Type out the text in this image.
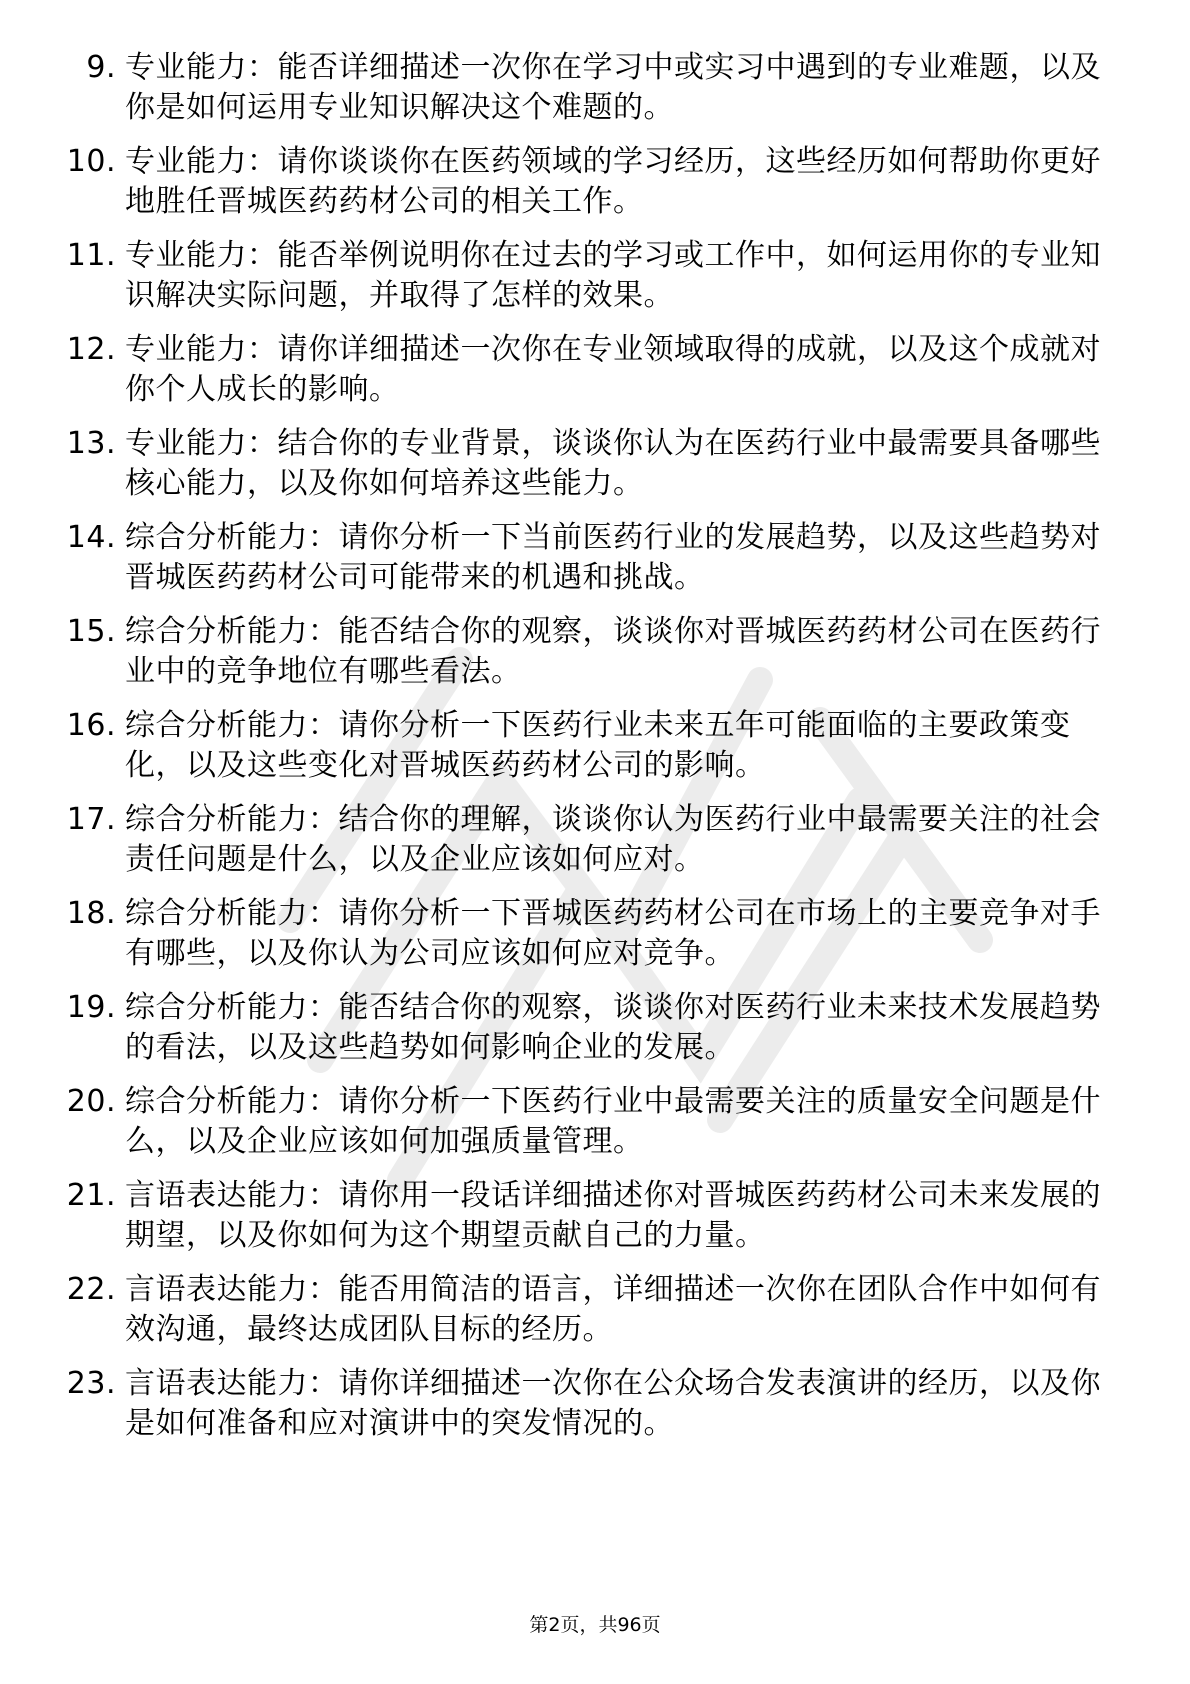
9. 专业能力：能否详细描述一次你在学习中或实习中遇到的专业难题，以及你是如何运用专业知识解决这个难题的。
10. 专业能力：请你谈谈你在医药领域的学习经历，这些经历如何帮助你更好地胜任晋城医药药材公司的相关工作。
11. 专业能力：能否举例说明你在过去的学习或工作中，如何运用你的专业知识解决实际问题，并取得了怎样的效果。
12. 专业能力：请你详细描述一次你在专业领域取得的成就，以及这个成就对你个人成长的影响。
13. 专业能力：结合你的专业背景，谈谈你认为在医药行业中最需要具备哪些核心能力，以及你如何培养这些能力。
14. 综合分析能力：请你分析一下当前医药行业的发展趋势，以及这些趋势对晋城医药药材公司可能带来的机遇和挑战。
15. 综合分析能力：能否结合你的观察，谈谈你对晋城医药药材公司在医药行业中的竞争地位有哪些看法。
16. 综合分析能力：请你分析一下医药行业未来五年可能面临的主要政策变化，以及这些变化对晋城医药药材公司的影响。
17. 综合分析能力：结合你的理解，谈谈你认为医药行业中最需要关注的社会责任问题是什么，以及企业应该如何应对。
18. 综合分析能力：请你分析一下晋城医药药材公司在市场上的主要竞争对手有哪些，以及你认为公司应该如何应对竞争。
19. 综合分析能力：能否结合你的观察，谈谈你对医药行业未来技术发展趋势的看法，以及这些趋势如何影响企业的发展。
20. 综合分析能力：请你分析一下医药行业中最需要关注的质量安全问题是什么，以及企业应该如何加强质量管理。
21. 言语表达能力：请你用一段话详细描述你对晋城医药药材公司未来发展的期望，以及你如何为这个期望贡献自己的力量。
22. 言语表达能力：能否用简洁的语言，详细描述一次你在团队合作中如何有效沟通，最终达成团队目标的经历。
23. 言语表达能力：请你详细描述一次你在公众场合发表演讲的经历，以及你是如何准备和应对演讲中的突发情况的。
第2页，共96页
